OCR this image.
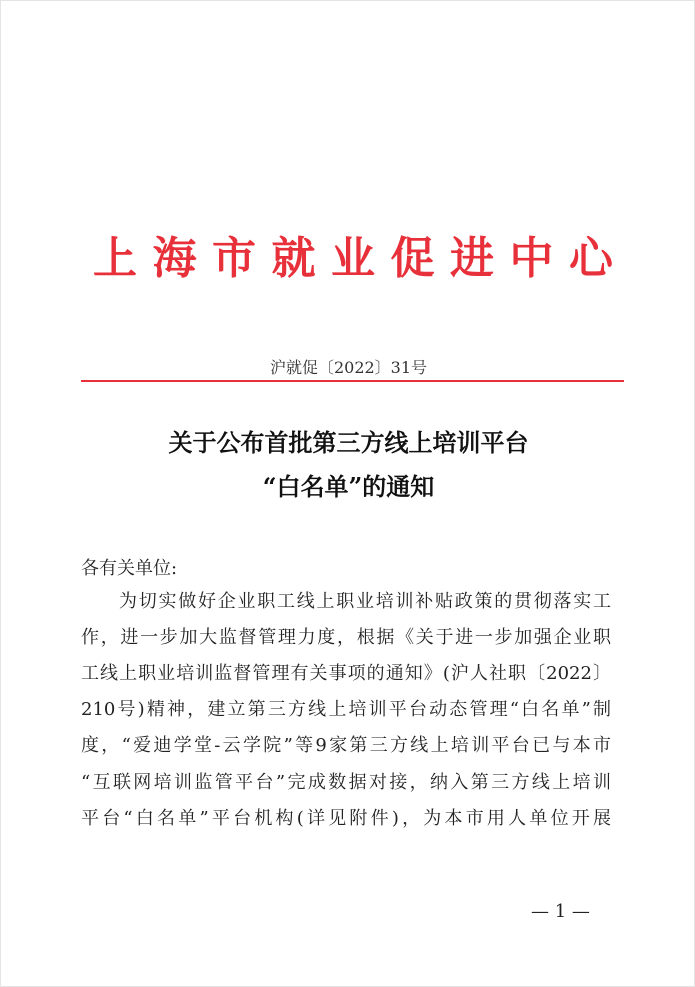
上海市就业促进中心
沪就促〔2022〕31号
关于公布首批第三方线上培训平台
“白名单”的通知
各有关单位:
为切实做好企业职工线上职业培训补贴政策的贯彻落实工
作，进一步加大监督管理力度，根据《关于进一步加强企业职
工线上职业培训监督管理有关事项的通知》(沪人社职〔2022〕
210号)精神，建立第三方线上培训平台动态管理“白名单”制
度，“爱迪学堂-云学院”等9家第三方线上培训平台已与本市
“互联网培训监管平台”完成数据对接，纳入第三方线上培训
平台“白名单”平台机构(详见附件)，为本市用人单位开展
— 1 —
